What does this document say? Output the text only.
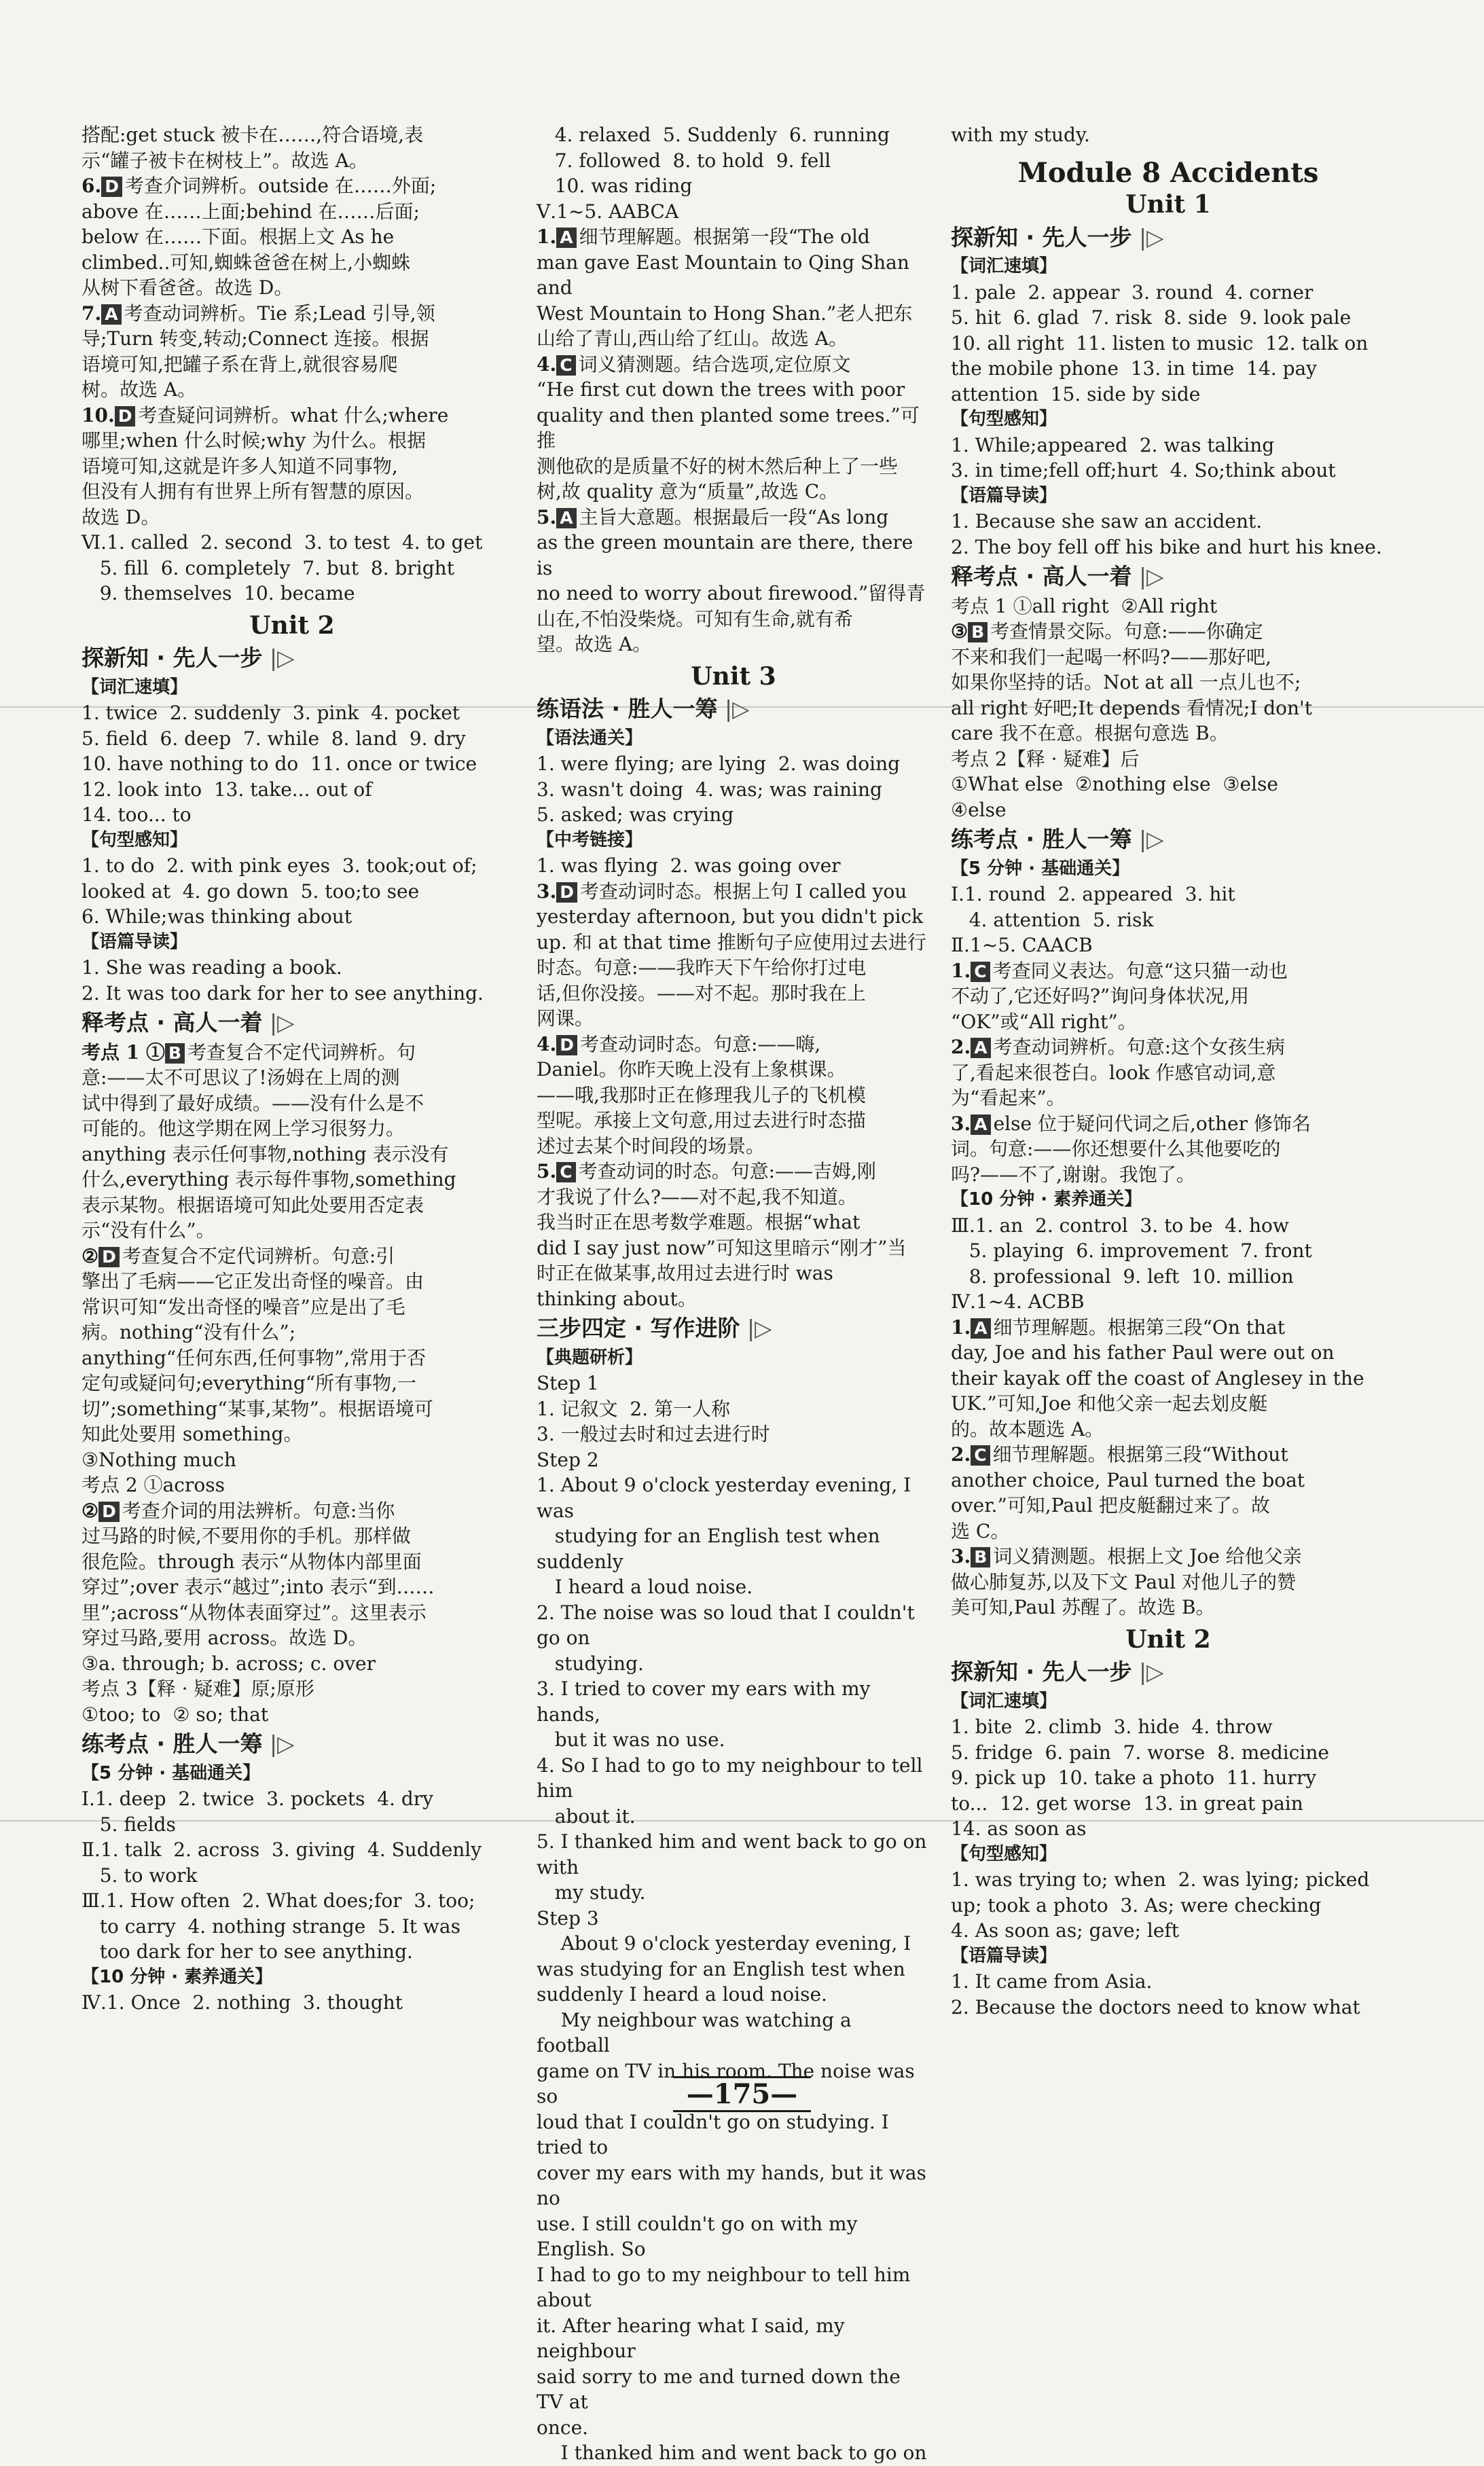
搭配:get stuck 被卡在……,符合语境,表
示“罐子被卡在树枝上”。故选 A。
6. D 考查介词辨析。outside 在……外面;
above 在……上面;behind 在……后面;
below 在……下面。根据上文 As he
climbed..可知,蜘蛛爸爸在树上,小蜘蛛
从树下看爸爸。故选 D。
7. A 考查动词辨析。Tie 系;Lead 引导,领
导;Turn 转变,转动;Connect 连接。根据
语境可知,把罐子系在背上,就很容易爬
树。故选 A。
10. D 考查疑问词辨析。what 什么;where
哪里;when 什么时候;why 为什么。根据
语境可知,这就是许多人知道不同事物,
但没有人拥有有世界上所有智慧的原因。
故选 D。
Ⅵ.1. called  2. second  3. to test  4. to get
5. fill  6. completely  7. but  8. bright
9. themselves  10. became
Unit 2
探新知 · 先人一步 |▷
【词汇速填】
1. twice  2. suddenly  3. pink  4. pocket
5. field  6. deep  7. while  8. land  9. dry
10. have nothing to do  11. once or twice
12. look into  13. take... out of
14. too... to
【句型感知】
1. to do  2. with pink eyes  3. took;out of;
looked at  4. go down  5. too;to see
6. While;was thinking about
【语篇导读】
1. She was reading a book.
2. It was too dark for her to see anything.
释考点 · 高人一着 |▷
考点 1 ① B 考查复合不定代词辨析。句
意:——太不可思议了!汤姆在上周的测
试中得到了最好成绩。——没有什么是不
可能的。他这学期在网上学习很努力。
anything 表示任何事物,nothing 表示没有
什么,everything 表示每件事物,something
表示某物。根据语境可知此处要用否定表
示“没有什么”。
② D 考查复合不定代词辨析。句意:引
擎出了毛病——它正发出奇怪的噪音。由
常识可知“发出奇怪的噪音”应是出了毛
病。nothing“没有什么”;
anything“任何东西,任何事物”,常用于否
定句或疑问句;everything“所有事物,一
切”;something“某事,某物”。根据语境可
知此处要用 something。
③Nothing much
考点 2 ①across
② D 考查介词的用法辨析。句意:当你
过马路的时候,不要用你的手机。那样做
很危险。through 表示“从物体内部里面
穿过”;over 表示“越过”;into 表示“到……
里”;across“从物体表面穿过”。这里表示
穿过马路,要用 across。故选 D。
③a. through; b. across; c. over
考点 3【释 · 疑难】原;原形
①too; to  ② so; that
练考点 · 胜人一筹 |▷
【5 分钟 · 基础通关】
Ⅰ.1. deep  2. twice  3. pockets  4. dry
5. fields
Ⅱ.1. talk  2. across  3. giving  4. Suddenly
5. to work
Ⅲ.1. How often  2. What does;for  3. too;
to carry  4. nothing strange  5. It was
too dark for her to see anything.
【10 分钟 · 素养通关】
Ⅳ.1. Once  2. nothing  3. thought
4. relaxed  5. Suddenly  6. running
7. followed  8. to hold  9. fell
10. was riding
Ⅴ.1~5. AABCA
1. A 细节理解题。根据第一段“The old
man gave East Mountain to Qing Shan and
West Mountain to Hong Shan.”老人把东
山给了青山,西山给了红山。故选 A。
4. C 词义猜测题。结合选项,定位原文
“He first cut down the trees with poor
quality and then planted some trees.”可推
测他砍的是质量不好的树木然后种上了一些
树,故 quality 意为“质量”,故选 C。
5. A 主旨大意题。根据最后一段“As long
as the green mountain are there, there is
no need to worry about firewood.”留得青
山在,不怕没柴烧。可知有生命,就有希
望。故选 A。
Unit 3
练语法 · 胜人一筹 |▷
【语法通关】
1. were flying; are lying  2. was doing
3. wasn't doing  4. was; was raining
5. asked; was crying
【中考链接】
1. was flying  2. was going over
3. D 考查动词时态。根据上句 I called you
yesterday afternoon, but you didn't pick
up. 和 at that time 推断句子应使用过去进行
时态。句意:——我昨天下午给你打过电
话,但你没接。——对不起。那时我在上
网课。
4. D 考查动词时态。句意:——嗨,
Daniel。你昨天晚上没有上象棋课。
——哦,我那时正在修理我儿子的飞机模
型呢。承接上文句意,用过去进行时态描
述过去某个时间段的场景。
5. C 考查动词的时态。句意:——吉姆,刚
才我说了什么?——对不起,我不知道。
我当时正在思考数学难题。根据“what
did I say just now”可知这里暗示“刚才”当
时正在做某事,故用过去进行时 was
thinking about。
三步四定 · 写作进阶 |▷
【典题研析】
Step 1
1. 记叙文  2. 第一人称
3. 一般过去时和过去进行时
Step 2
1. About 9 o'clock yesterday evening, I was
studying for an English test when suddenly
I heard a loud noise.
2. The noise was so loud that I couldn't go on
studying.
3. I tried to cover my ears with my hands,
but it was no use.
4. So I had to go to my neighbour to tell him
about it.
5. I thanked him and went back to go on with
my study.
Step 3
About 9 o'clock yesterday evening, I
was studying for an English test when
suddenly I heard a loud noise.
My neighbour was watching a football
game on TV in his room. The noise was so
loud that I couldn't go on studying. I tried to
cover my ears with my hands, but it was no
use. I still couldn't go on with my English. So
I had to go to my neighbour to tell him about
it. After hearing what I said, my neighbour
said sorry to me and turned down the TV at
once.
I thanked him and went back to go on
with my study.
Module 8 Accidents
Unit 1
探新知 · 先人一步 |▷
【词汇速填】
1. pale  2. appear  3. round  4. corner
5. hit  6. glad  7. risk  8. side  9. look pale
10. all right  11. listen to music  12. talk on
the mobile phone  13. in time  14. pay
attention  15. side by side
【句型感知】
1. While;appeared  2. was talking
3. in time;fell off;hurt  4. So;think about
【语篇导读】
1. Because she saw an accident.
2. The boy fell off his bike and hurt his knee.
释考点 · 高人一着 |▷
考点 1 ①all right  ②All right
③ B 考查情景交际。句意:——你确定
不来和我们一起喝一杯吗?——那好吧,
如果你坚持的话。Not at all 一点儿也不;
all right 好吧;It depends 看情况;I don't
care 我不在意。根据句意选 B。
考点 2【释 · 疑难】后
①What else  ②nothing else  ③else
④else
练考点 · 胜人一筹 |▷
【5 分钟 · 基础通关】
Ⅰ.1. round  2. appeared  3. hit
4. attention  5. risk
Ⅱ.1~5. CAACB
1. C 考查同义表达。句意“这只猫一动也
不动了,它还好吗?”询问身体状况,用
“OK”或“All right”。
2. A 考查动词辨析。句意:这个女孩生病
了,看起来很苍白。look 作感官动词,意
为“看起来”。
3. A else 位于疑问代词之后,other 修饰名
词。句意:——你还想要什么其他要吃的
吗?——不了,谢谢。我饱了。
【10 分钟 · 素养通关】
Ⅲ.1. an  2. control  3. to be  4. how
5. playing  6. improvement  7. front
8. professional  9. left  10. million
Ⅳ.1~4. ACBB
1. A 细节理解题。根据第三段“On that
day, Joe and his father Paul were out on
their kayak off the coast of Anglesey in the
UK.”可知,Joe 和他父亲一起去划皮艇
的。故本题选 A。
2. C 细节理解题。根据第三段“Without
another choice, Paul turned the boat
over.”可知,Paul 把皮艇翻过来了。故
选 C。
3. B 词义猜测题。根据上文 Joe 给他父亲
做心肺复苏,以及下文 Paul 对他儿子的赞
美可知,Paul 苏醒了。故选 B。
Unit 2
探新知 · 先人一步 |▷
【词汇速填】
1. bite  2. climb  3. hide  4. throw
5. fridge  6. pain  7. worse  8. medicine
9. pick up  10. take a photo  11. hurry
to...  12. get worse  13. in great pain
14. as soon as
【句型感知】
1. was trying to; when  2. was lying; picked
up; took a photo  3. As; were checking
4. As soon as; gave; left
【语篇导读】
1. It came from Asia.
2. Because the doctors need to know what
—175—
